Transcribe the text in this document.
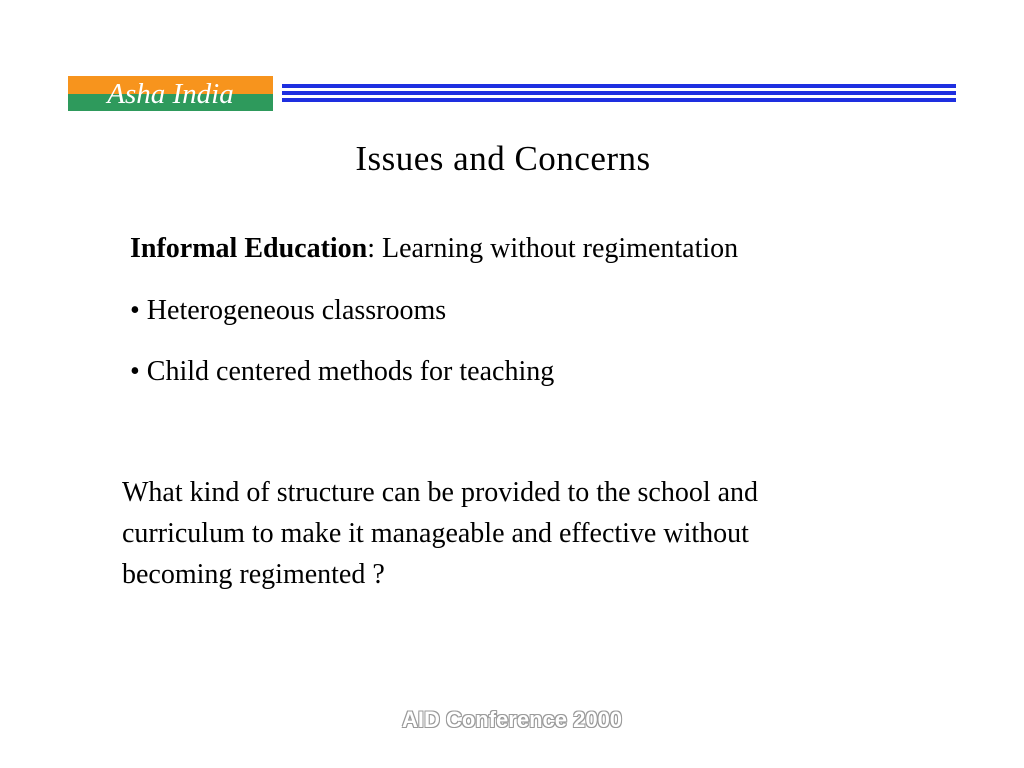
Asha India
Issues and Concerns
Informal Education: Learning without regimentation
• Heterogeneous classrooms
• Child centered methods for teaching
What kind of structure can be provided to the school and
curriculum to make it manageable and effective without
becoming regimented ?
AID Conference 2000
